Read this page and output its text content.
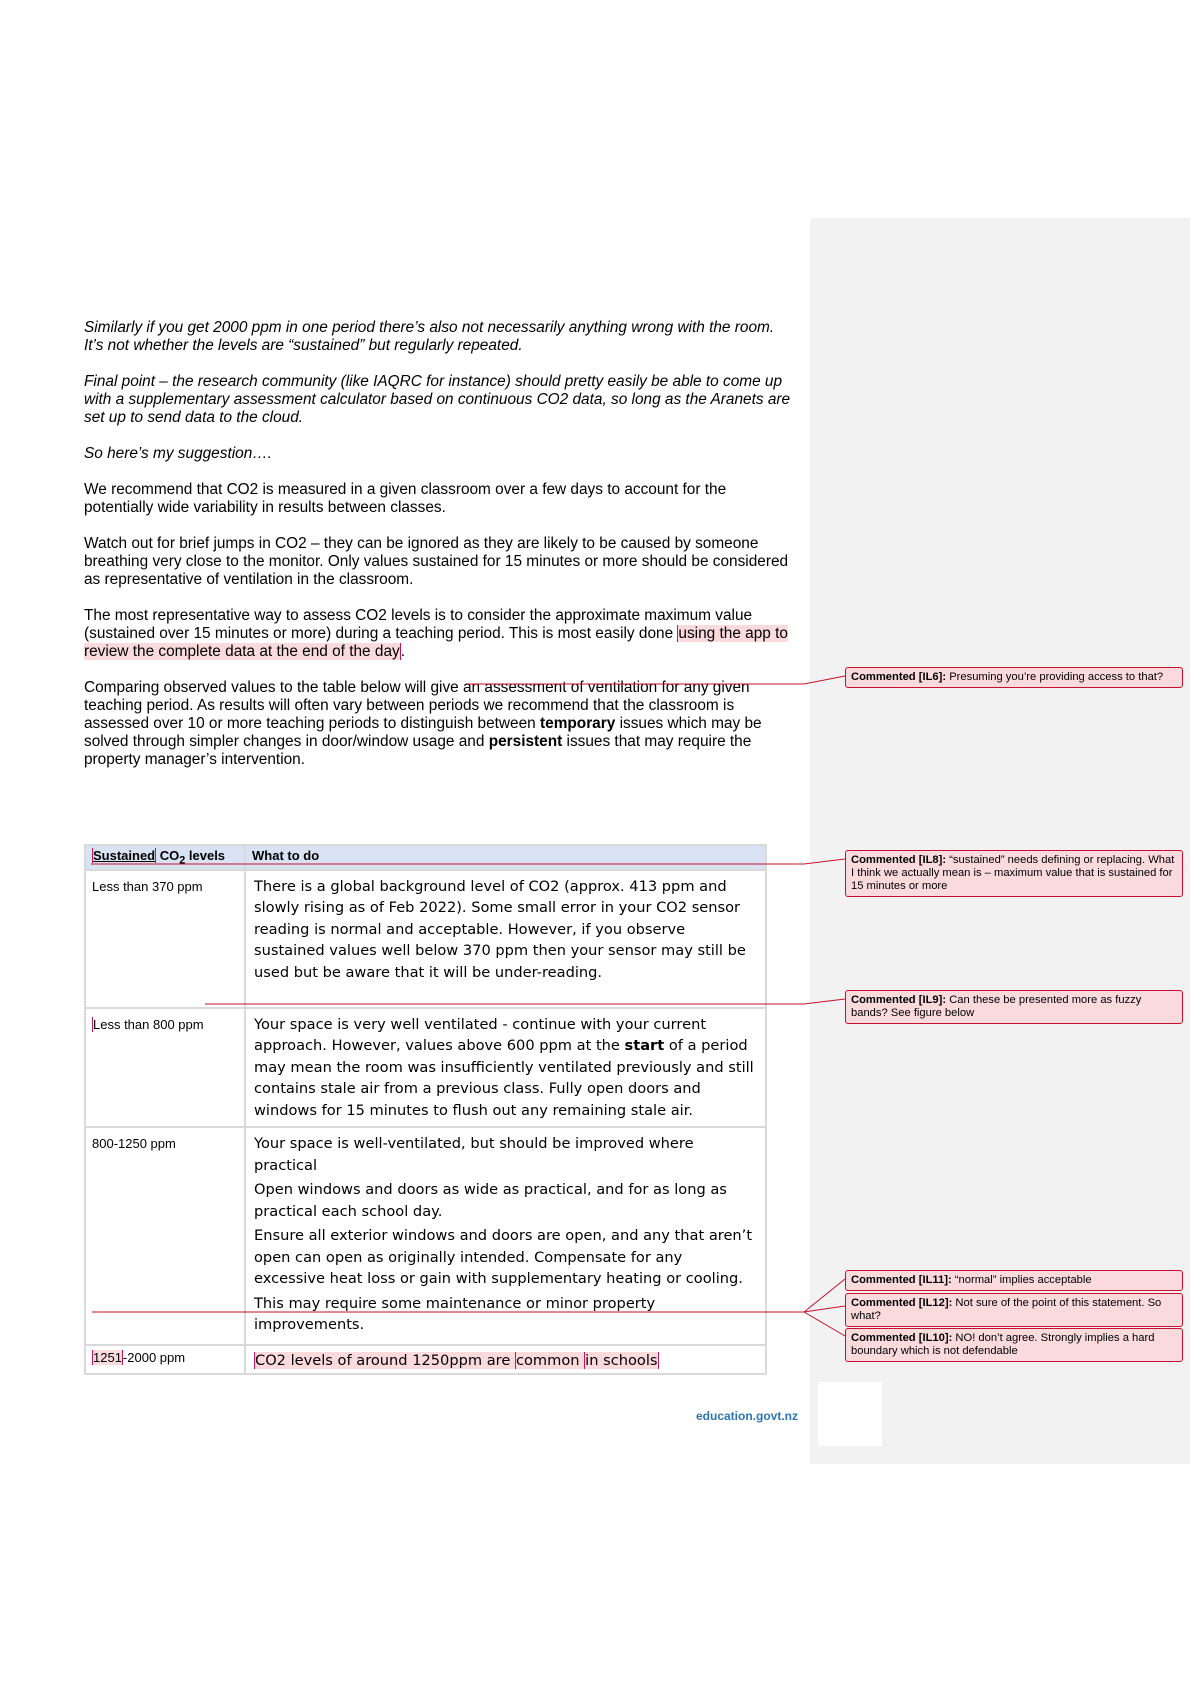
Similarly if you get 2000 ppm in one period there’s also not necessarily anything wrong with the room.

It’s not whether the levels are “sustained” but regularly repeated.

Final point – the research community (like IAQRC for instance) should pretty easily be able to come up with a supplementary assessment calculator based on continuous CO2 data, so long as the Aranets are set up to send data to the cloud.

So here’s my suggestion….

We recommend that CO2 is measured in a given classroom over a few days to account for the potentially wide variability in results between classes.

Watch out for brief jumps in CO2 – they can be ignored as they are likely to be caused by someone breathing very close to the monitor. Only values sustained for 15 minutes or more should be considered as representative of ventilation in the classroom.

The most representative way to assess CO2 levels is to consider the approximate maximum value (sustained over 15 minutes or more) during a teaching period. This is most easily done using the app to review the complete data at the end of the day.

Comparing observed values to the table below will give an assessment of ventilation for any given teaching period. As results will often vary between periods we recommend that the classroom is assessed over 10 or more teaching periods to distinguish between temporary issues which may be solved through simpler changes in door/window usage and persistent issues that may require the property manager’s intervention.

Sustained $CO_2$ levels	What to do
Less than 370 ppm	There is a global background level of CO2 (approx. 413 ppm and slowly rising as of Feb 2022). Some small error in your CO2 sensor reading is normal and acceptable. However, if you observe sustained values well below 370 ppm then your sensor may still be used but be aware that it will be under-reading.
Less than 800 ppm	Your space is very well ventilated - continue with your current approach. However, values above 600 ppm at the start of a period may mean the room was insufficiently ventilated previously and still contains stale air from a previous class. Fully open doors and windows for 15 minutes to flush out any remaining stale air.
800-1250 ppm	Your space is well-ventilated, but should be improved where practical
Open windows and doors as wide as practical, and for as long as practical each school day.
Ensure all exterior windows and doors are open, and any that aren’t open can open as originally intended. Compensate for any excessive heat loss or gain with supplementary heating or cooling.
This may require some maintenance or minor property improvements.

1251-2000 ppm	CO2 levels of around 1250ppm are common in schools
Commented [IL6]: Presuming you’re providing access to that?
Commented [IL8]: “sustained” needs defining or replacing. What I think we actually mean is – maximum value that is sustained for 15 minutes or more
Commented [IL9]: Can these be presented more as fuzzy bands? See figure below
Commented [IL11]: “normal” implies acceptable
Commented [IL12]: Not sure of the point of this statement. So what?
Commented [IL10]: NO! don’t agree. Strongly implies a hard boundary which is not defendable
education.govt.nz
